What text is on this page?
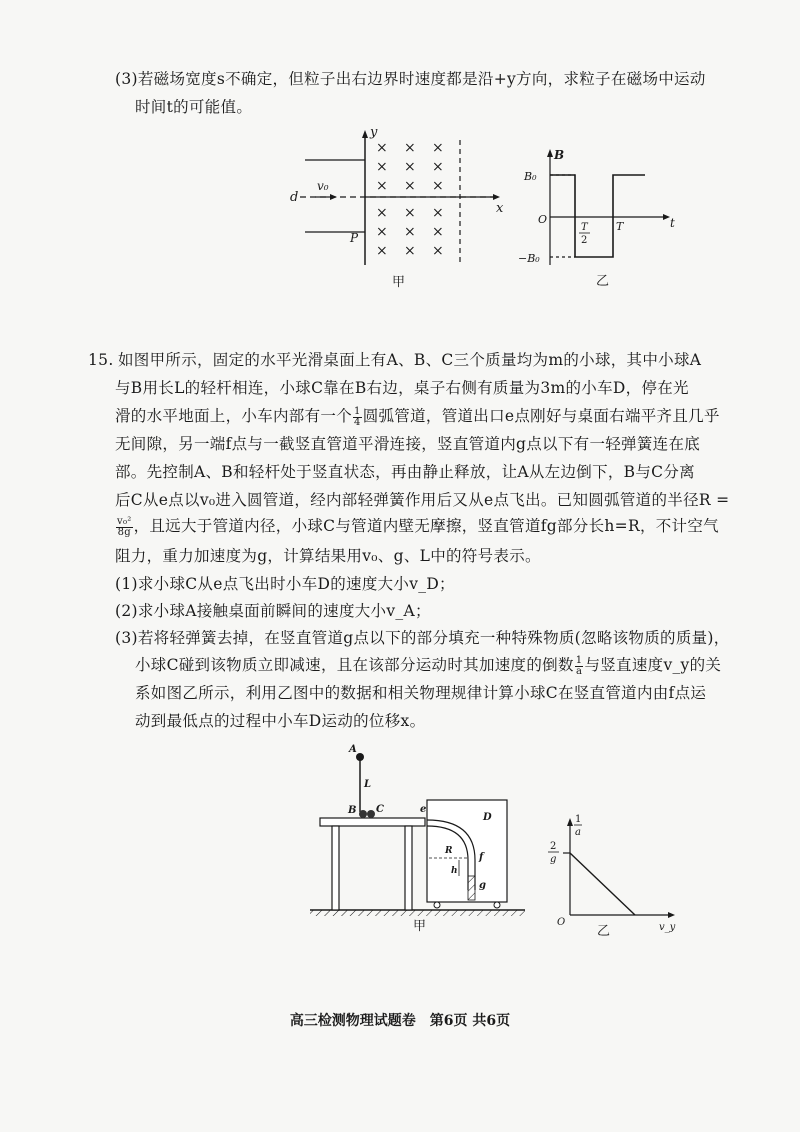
(3)若磁场宽度s不确定，但粒子出右边界时速度都是沿+y方向，求粒子在磁场中运动
时间t的可能值。
y
x
d
v₀
P
× × ×
× × ×
× × ×
× × ×
× × ×
× × ×
甲
B
B₀
−B₀
O	t
T
2
T
乙
15. 如图甲所示，固定的水平光滑桌面上有A、B、C三个质量均为m的小球，其中小球A
与B用长L的轻杆相连，小球C靠在B右边，桌子右侧有质量为3m的小车D，停在光
滑的水平地面上，小车内部有一个 $\frac{1}{4}$ 圆弧管道，管道出口e点刚好与桌面右端平齐且几乎
无间隙，另一端f点与一截竖直管道平滑连接，竖直管道内g点以下有一轻弹簧连在底
部。先控制A、B和轻杆处于竖直状态，再由静止释放，让A从左边倒下，B与C分离
后C从e点以v₀进入圆管道，经内部轻弹簧作用后又从e点飞出。已知圆弧管道的半径R =
$\frac{\text{v₀²}}{8g}$ ，且远大于管道内径，小球C与管道内壁无摩擦，竖直管道fg部分长h=R，不计空气
阻力，重力加速度为g，计算结果用v₀、g、L中的符号表示。
(1)求小球C从e点飞出时小车D的速度大小v_D；
(2)求小球A接触桌面前瞬间的速度大小v_A；
(3)若将轻弹簧去掉，在竖直管道g点以下的部分填充一种特殊物质(忽略该物质的质量)，
小球C碰到该物质立即减速，且在该部分运动时其加速度的倒数 $\frac{1}{a}$ 与竖直速度v_y的关
系如图乙所示，利用乙图中的数据和相关物理规律计算小球C在竖直管道内由f点运
动到最低点的过程中小车D运动的位移x。
A
L
B C	e
D
R
f
h
g
甲
1
a
2
g
O	v_y
乙
高三检测物理试题卷　第6页 共6页
